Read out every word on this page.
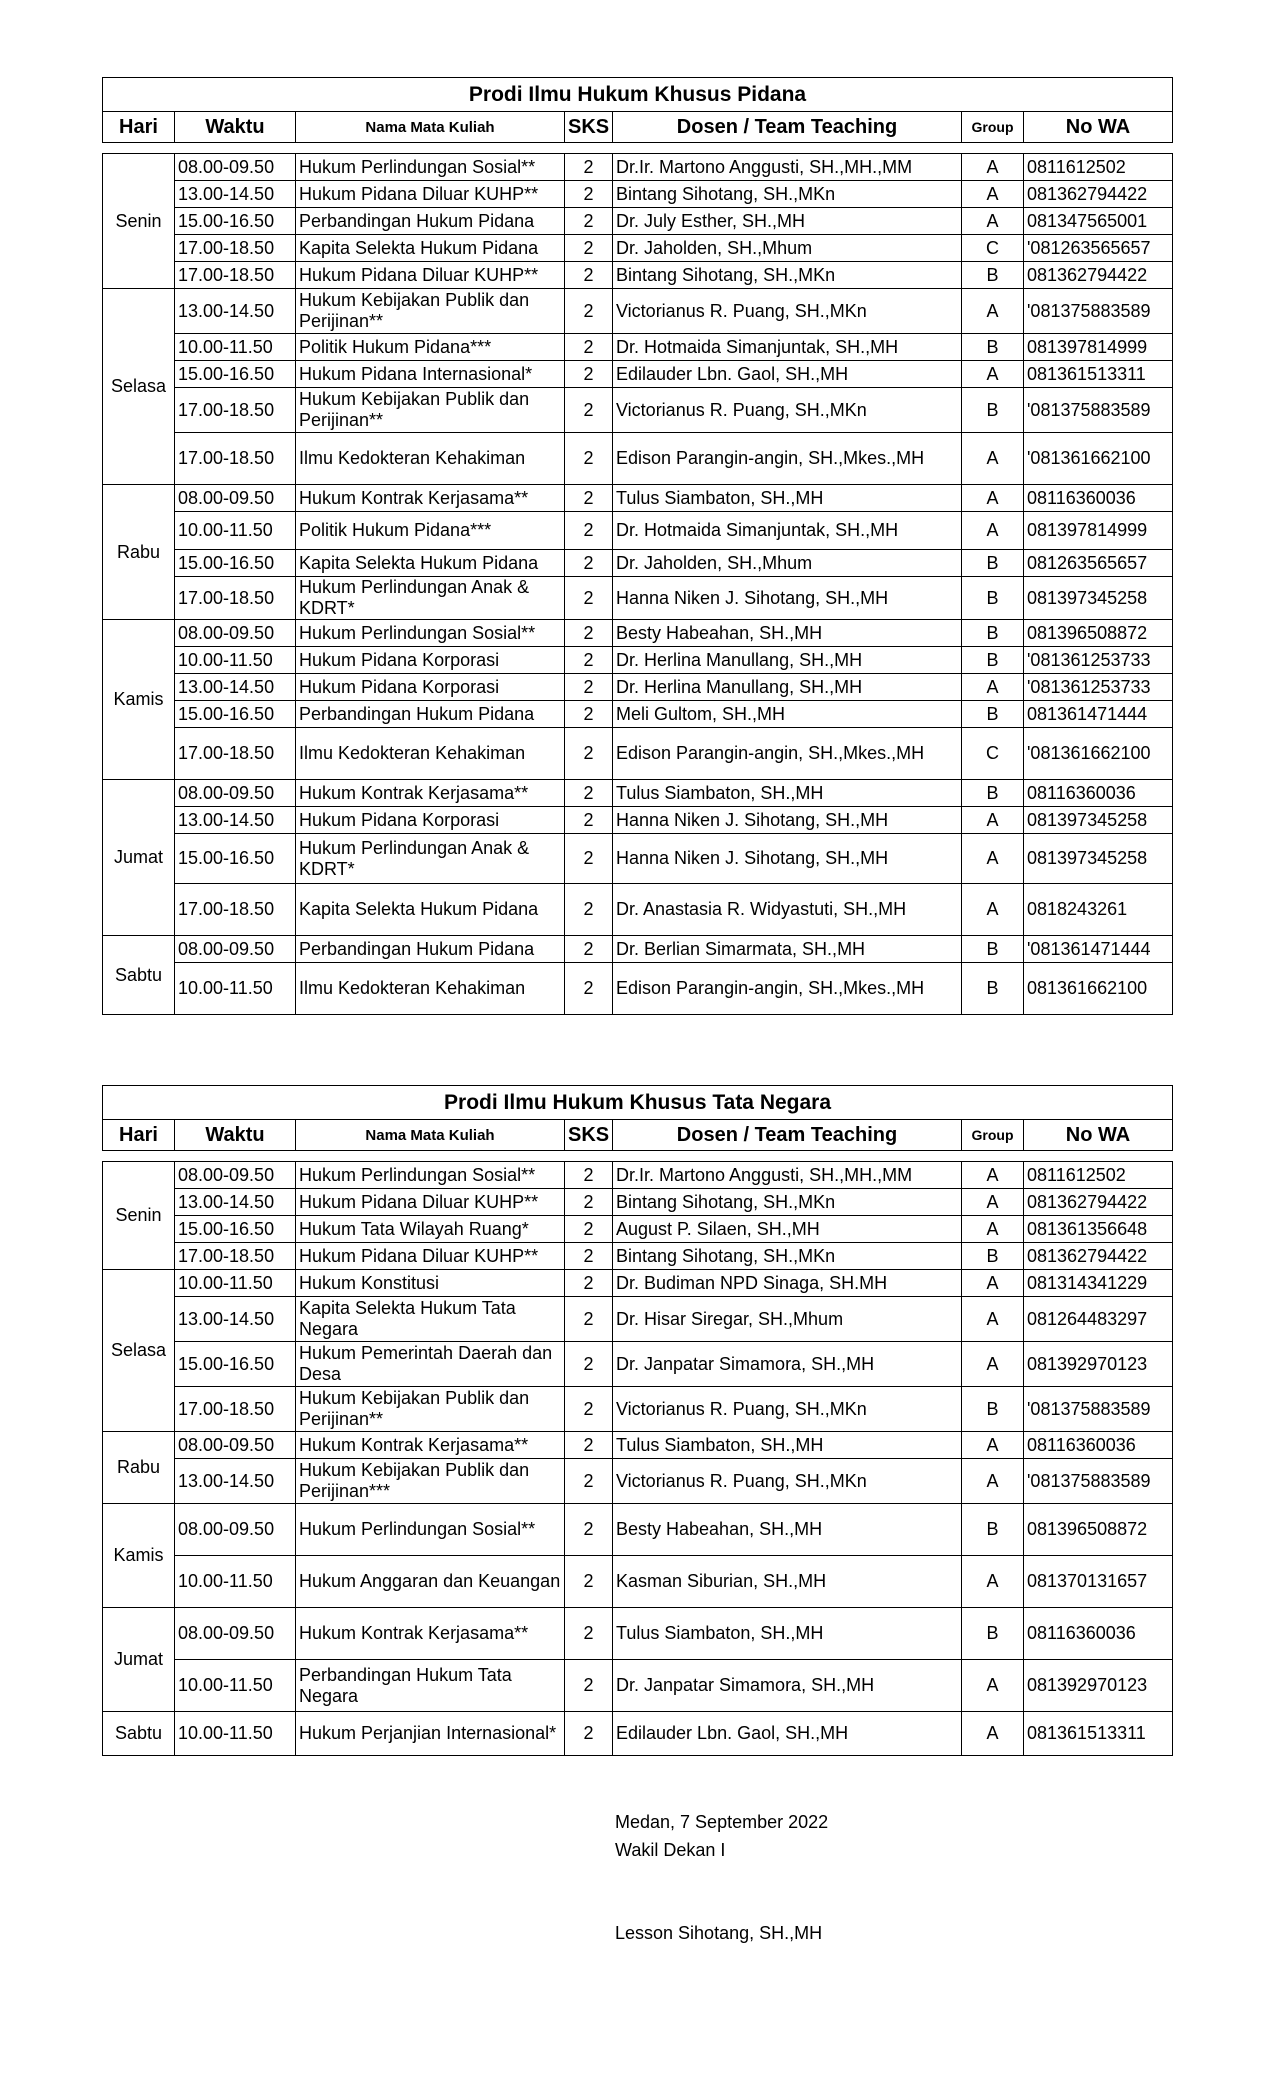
Prodi Ilmu Hukum Khusus Pidana						
Hari	Waktu	Nama Mata Kuliah	SKS	Dosen / Team Teaching	Group	No WA

Senin	08.00-09.50	Hukum Perlindungan Sosial**	2	Dr.Ir. Martono Anggusti, SH.,MH.,MM	A	0811612502
	13.00-14.50	Hukum Pidana Diluar KUHP**	2	Bintang Sihotang, SH.,MKn	A	081362794422
	15.00-16.50	Perbandingan Hukum Pidana	2	Dr. July Esther, SH.,MH	A	081347565001
	17.00-18.50	Kapita Selekta Hukum Pidana	2	Dr. Jaholden, SH.,Mhum	C	'081263565657
	17.00-18.50	Hukum Pidana Diluar KUHP**	2	Bintang Sihotang, SH.,MKn	B	081362794422
Selasa	13.00-14.50	Hukum Kebijakan Publik dan Perijinan**	2	Victorianus R. Puang, SH.,MKn	A	'081375883589
	10.00-11.50	Politik Hukum Pidana***	2	Dr. Hotmaida Simanjuntak, SH.,MH	B	081397814999
	15.00-16.50	Hukum Pidana Internasional*	2	Edilauder Lbn. Gaol, SH.,MH	A	081361513311
	17.00-18.50	Hukum Kebijakan Publik dan Perijinan**	2	Victorianus R. Puang, SH.,MKn	B	'081375883589
	17.00-18.50	Ilmu Kedokteran Kehakiman	2	Edison Parangin-angin, SH.,Mkes.,MH	A	'081361662100
Rabu	08.00-09.50	Hukum Kontrak Kerjasama**	2	Tulus Siambaton, SH.,MH	A	08116360036
	10.00-11.50	Politik Hukum Pidana***	2	Dr. Hotmaida Simanjuntak, SH.,MH	A	081397814999
	15.00-16.50	Kapita Selekta Hukum Pidana	2	Dr. Jaholden, SH.,Mhum	B	081263565657
	17.00-18.50	Hukum Perlindungan Anak & KDRT*	2	Hanna Niken J. Sihotang, SH.,MH	B	081397345258
Kamis	08.00-09.50	Hukum Perlindungan Sosial**	2	Besty Habeahan, SH.,MH	B	081396508872
	10.00-11.50	Hukum Pidana Korporasi	2	Dr. Herlina Manullang, SH.,MH	B	'081361253733
	13.00-14.50	Hukum Pidana Korporasi	2	Dr. Herlina Manullang, SH.,MH	A	'081361253733
	15.00-16.50	Perbandingan Hukum Pidana	2	Meli Gultom, SH.,MH	B	081361471444
	17.00-18.50	Ilmu Kedokteran Kehakiman	2	Edison Parangin-angin, SH.,Mkes.,MH	C	'081361662100
Jumat	08.00-09.50	Hukum Kontrak Kerjasama**	2	Tulus Siambaton, SH.,MH	B	08116360036
	13.00-14.50	Hukum Pidana Korporasi	2	Hanna Niken J. Sihotang, SH.,MH	A	081397345258
	15.00-16.50	Hukum Perlindungan Anak & KDRT*	2	Hanna Niken J. Sihotang, SH.,MH	A	081397345258
	17.00-18.50	Kapita Selekta Hukum Pidana	2	Dr. Anastasia R. Widyastuti, SH.,MH	A	0818243261
Sabtu	08.00-09.50	Perbandingan Hukum Pidana	2	Dr. Berlian Simarmata, SH.,MH	B	'081361471444
	10.00-11.50	Ilmu Kedokteran Kehakiman	2	Edison Parangin-angin, SH.,Mkes.,MH	B	081361662100
Prodi Ilmu Hukum Khusus Tata Negara						
Hari	Waktu	Nama Mata Kuliah	SKS	Dosen / Team Teaching	Group	No WA

Senin	08.00-09.50	Hukum Perlindungan Sosial**	2	Dr.Ir. Martono Anggusti, SH.,MH.,MM	A	0811612502
	13.00-14.50	Hukum Pidana Diluar KUHP**	2	Bintang Sihotang, SH.,MKn	A	081362794422
	15.00-16.50	Hukum Tata Wilayah Ruang*	2	August P. Silaen, SH.,MH	A	081361356648
	17.00-18.50	Hukum Pidana Diluar KUHP**	2	Bintang Sihotang, SH.,MKn	B	081362794422
Selasa	10.00-11.50	Hukum Konstitusi	2	Dr. Budiman NPD Sinaga, SH.MH	A	081314341229
	13.00-14.50	Kapita Selekta Hukum Tata Negara	2	Dr. Hisar Siregar, SH.,Mhum	A	081264483297
	15.00-16.50	Hukum Pemerintah Daerah dan Desa	2	Dr. Janpatar Simamora, SH.,MH	A	081392970123
	17.00-18.50	Hukum Kebijakan Publik dan Perijinan**	2	Victorianus R. Puang, SH.,MKn	B	'081375883589
Rabu	08.00-09.50	Hukum Kontrak Kerjasama**	2	Tulus Siambaton, SH.,MH	A	08116360036
	13.00-14.50	Hukum Kebijakan Publik dan Perijinan***	2	Victorianus R. Puang, SH.,MKn	A	'081375883589
Kamis	08.00-09.50	Hukum Perlindungan Sosial**	2	Besty Habeahan, SH.,MH	B	081396508872
	10.00-11.50	Hukum Anggaran dan Keuangan	2	Kasman Siburian, SH.,MH	A	081370131657
Jumat	08.00-09.50	Hukum Kontrak Kerjasama**	2	Tulus Siambaton, SH.,MH	B	08116360036
	10.00-11.50	Perbandingan Hukum Tata Negara	2	Dr. Janpatar Simamora, SH.,MH	A	081392970123
Sabtu	10.00-11.50	Hukum Perjanjian Internasional*	2	Edilauder Lbn. Gaol, SH.,MH	A	081361513311
Medan, 7 September 2022
Wakil Dekan I
Lesson Sihotang, SH.,MH
